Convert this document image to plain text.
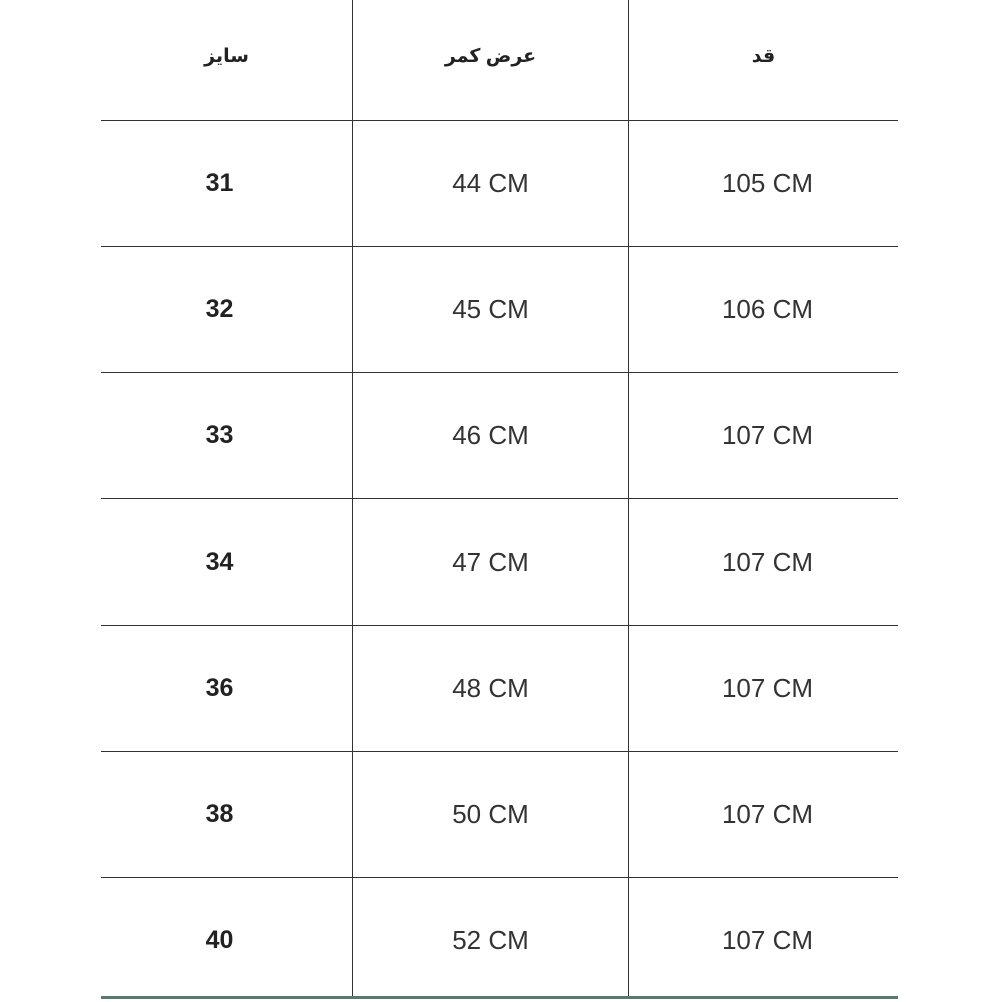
سایز	عرض کمر	قد
31	44 CM	105 CM
32	45 CM	106 CM
33	46 CM	107 CM
34	47 CM	107 CM
36	48 CM	107 CM
38	50 CM	107 CM
40	52 CM	107 CM
